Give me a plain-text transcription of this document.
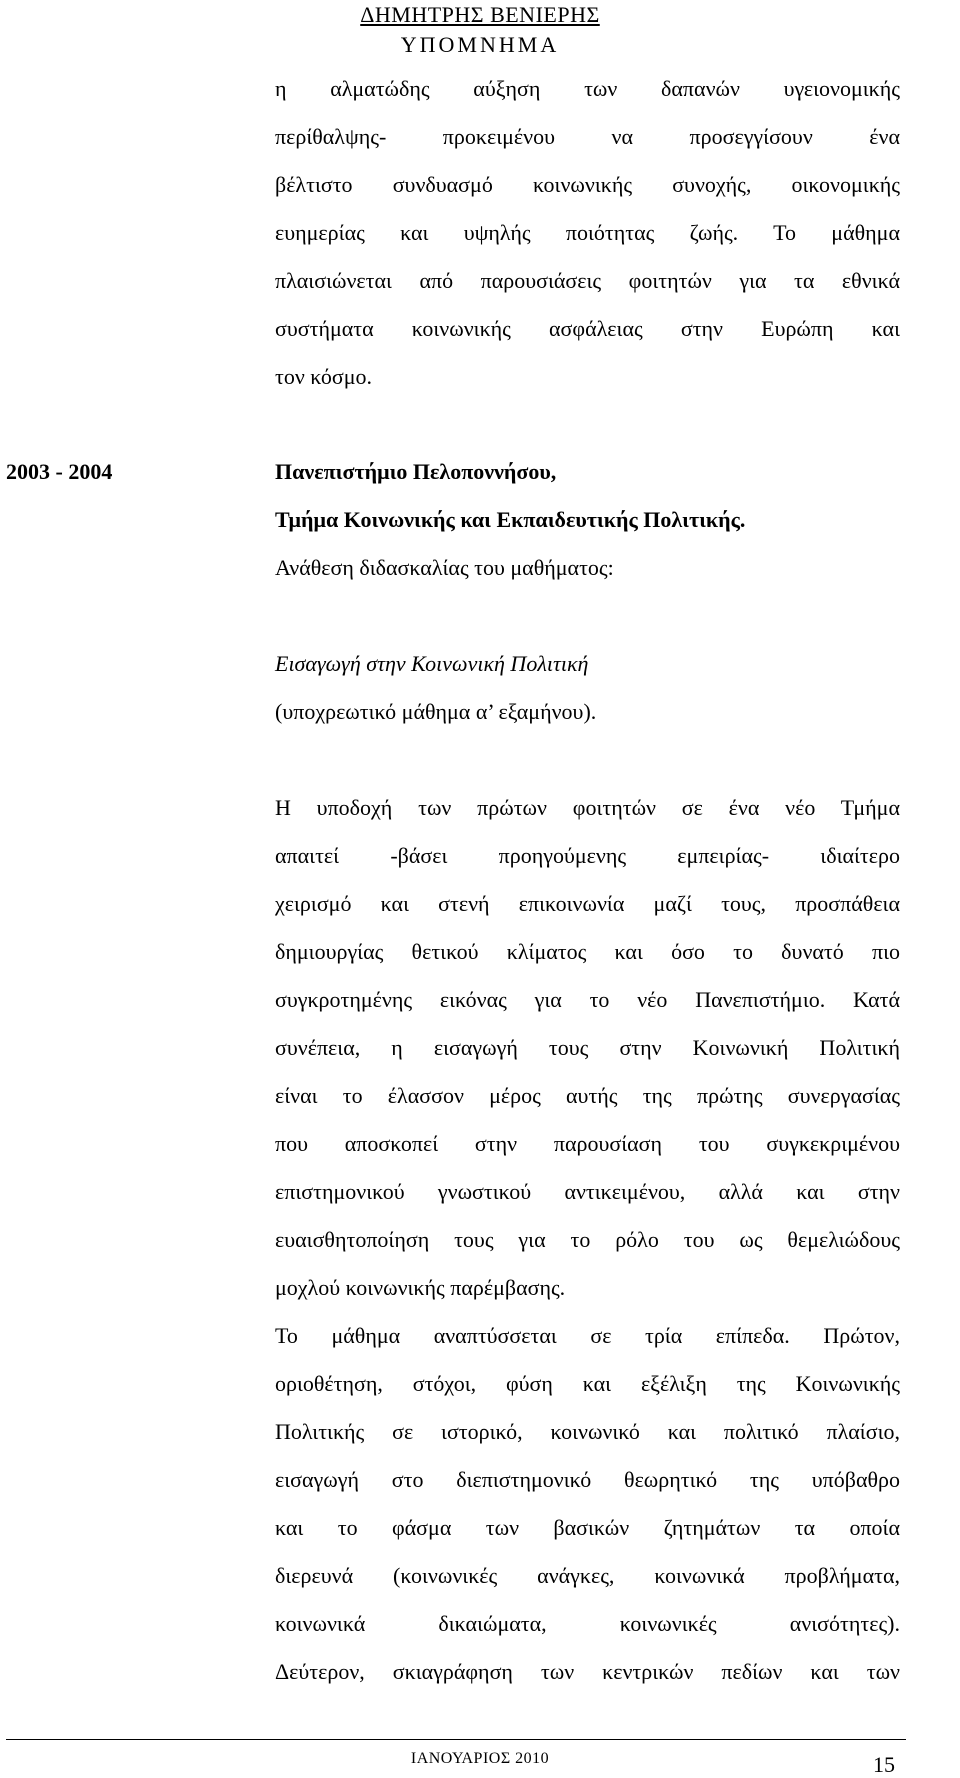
ΔΗΜΗΤΡΗΣ ΒΕΝΙΕΡΗΣ
ΥΠΟΜΝΗΜΑ
η αλματώδης αύξηση των δαπανών υγειονομικής
περίθαλψης- προκειμένου να προσεγγίσουν ένα
βέλτιστο συνδυασμό κοινωνικής συνοχής, οικονομικής
ευημερίας και υψηλής ποιότητας ζωής. Το μάθημα
πλαισιώνεται από παρουσιάσεις φοιτητών για τα εθνικά
συστήματα κοινωνικής ασφάλειας στην Ευρώπη και
τον κόσμο.
2003 - 2004	Πανεπιστήμιο Πελοποννήσου,
Τμήμα Κοινωνικής και Εκπαιδευτικής Πολιτικής.
Ανάθεση διδασκαλίας του μαθήματος:
Εισαγωγή στην Κοινωνική Πολιτική
(υποχρεωτικό μάθημα α’ εξαμήνου).
Η υποδοχή των πρώτων φοιτητών σε ένα νέο Τμήμα
απαιτεί -βάσει προηγούμενης εμπειρίας- ιδιαίτερο
χειρισμό και στενή επικοινωνία μαζί τους, προσπάθεια
δημιουργίας θετικού κλίματος και όσο το δυνατό πιο
συγκροτημένης εικόνας για το νέο Πανεπιστήμιο. Κατά
συνέπεια, η εισαγωγή τους στην Κοινωνική Πολιτική
είναι το έλασσον μέρος αυτής της πρώτης συνεργασίας
που αποσκοπεί στην παρουσίαση του συγκεκριμένου
επιστημονικού γνωστικού αντικειμένου, αλλά και στην
ευαισθητοποίηση τους για το ρόλο του ως θεμελιώδους
μοχλού κοινωνικής παρέμβασης.
Το μάθημα αναπτύσσεται σε τρία επίπεδα. Πρώτον,
οριοθέτηση, στόχοι, φύση και εξέλιξη της Κοινωνικής
Πολιτικής σε ιστορικό, κοινωνικό και πολιτικό πλαίσιο,
εισαγωγή στο διεπιστημονικό θεωρητικό της υπόβαθρο
και το φάσμα των βασικών ζητημάτων τα οποία
διερευνά (κοινωνικές ανάγκες, κοινωνικά προβλήματα,
κοινωνικά δικαιώματα, κοινωνικές ανισότητες).
Δεύτερον, σκιαγράφηση των κεντρικών πεδίων και των
ΙΑΝΟΥΑΡΙΟΣ 2010	15
